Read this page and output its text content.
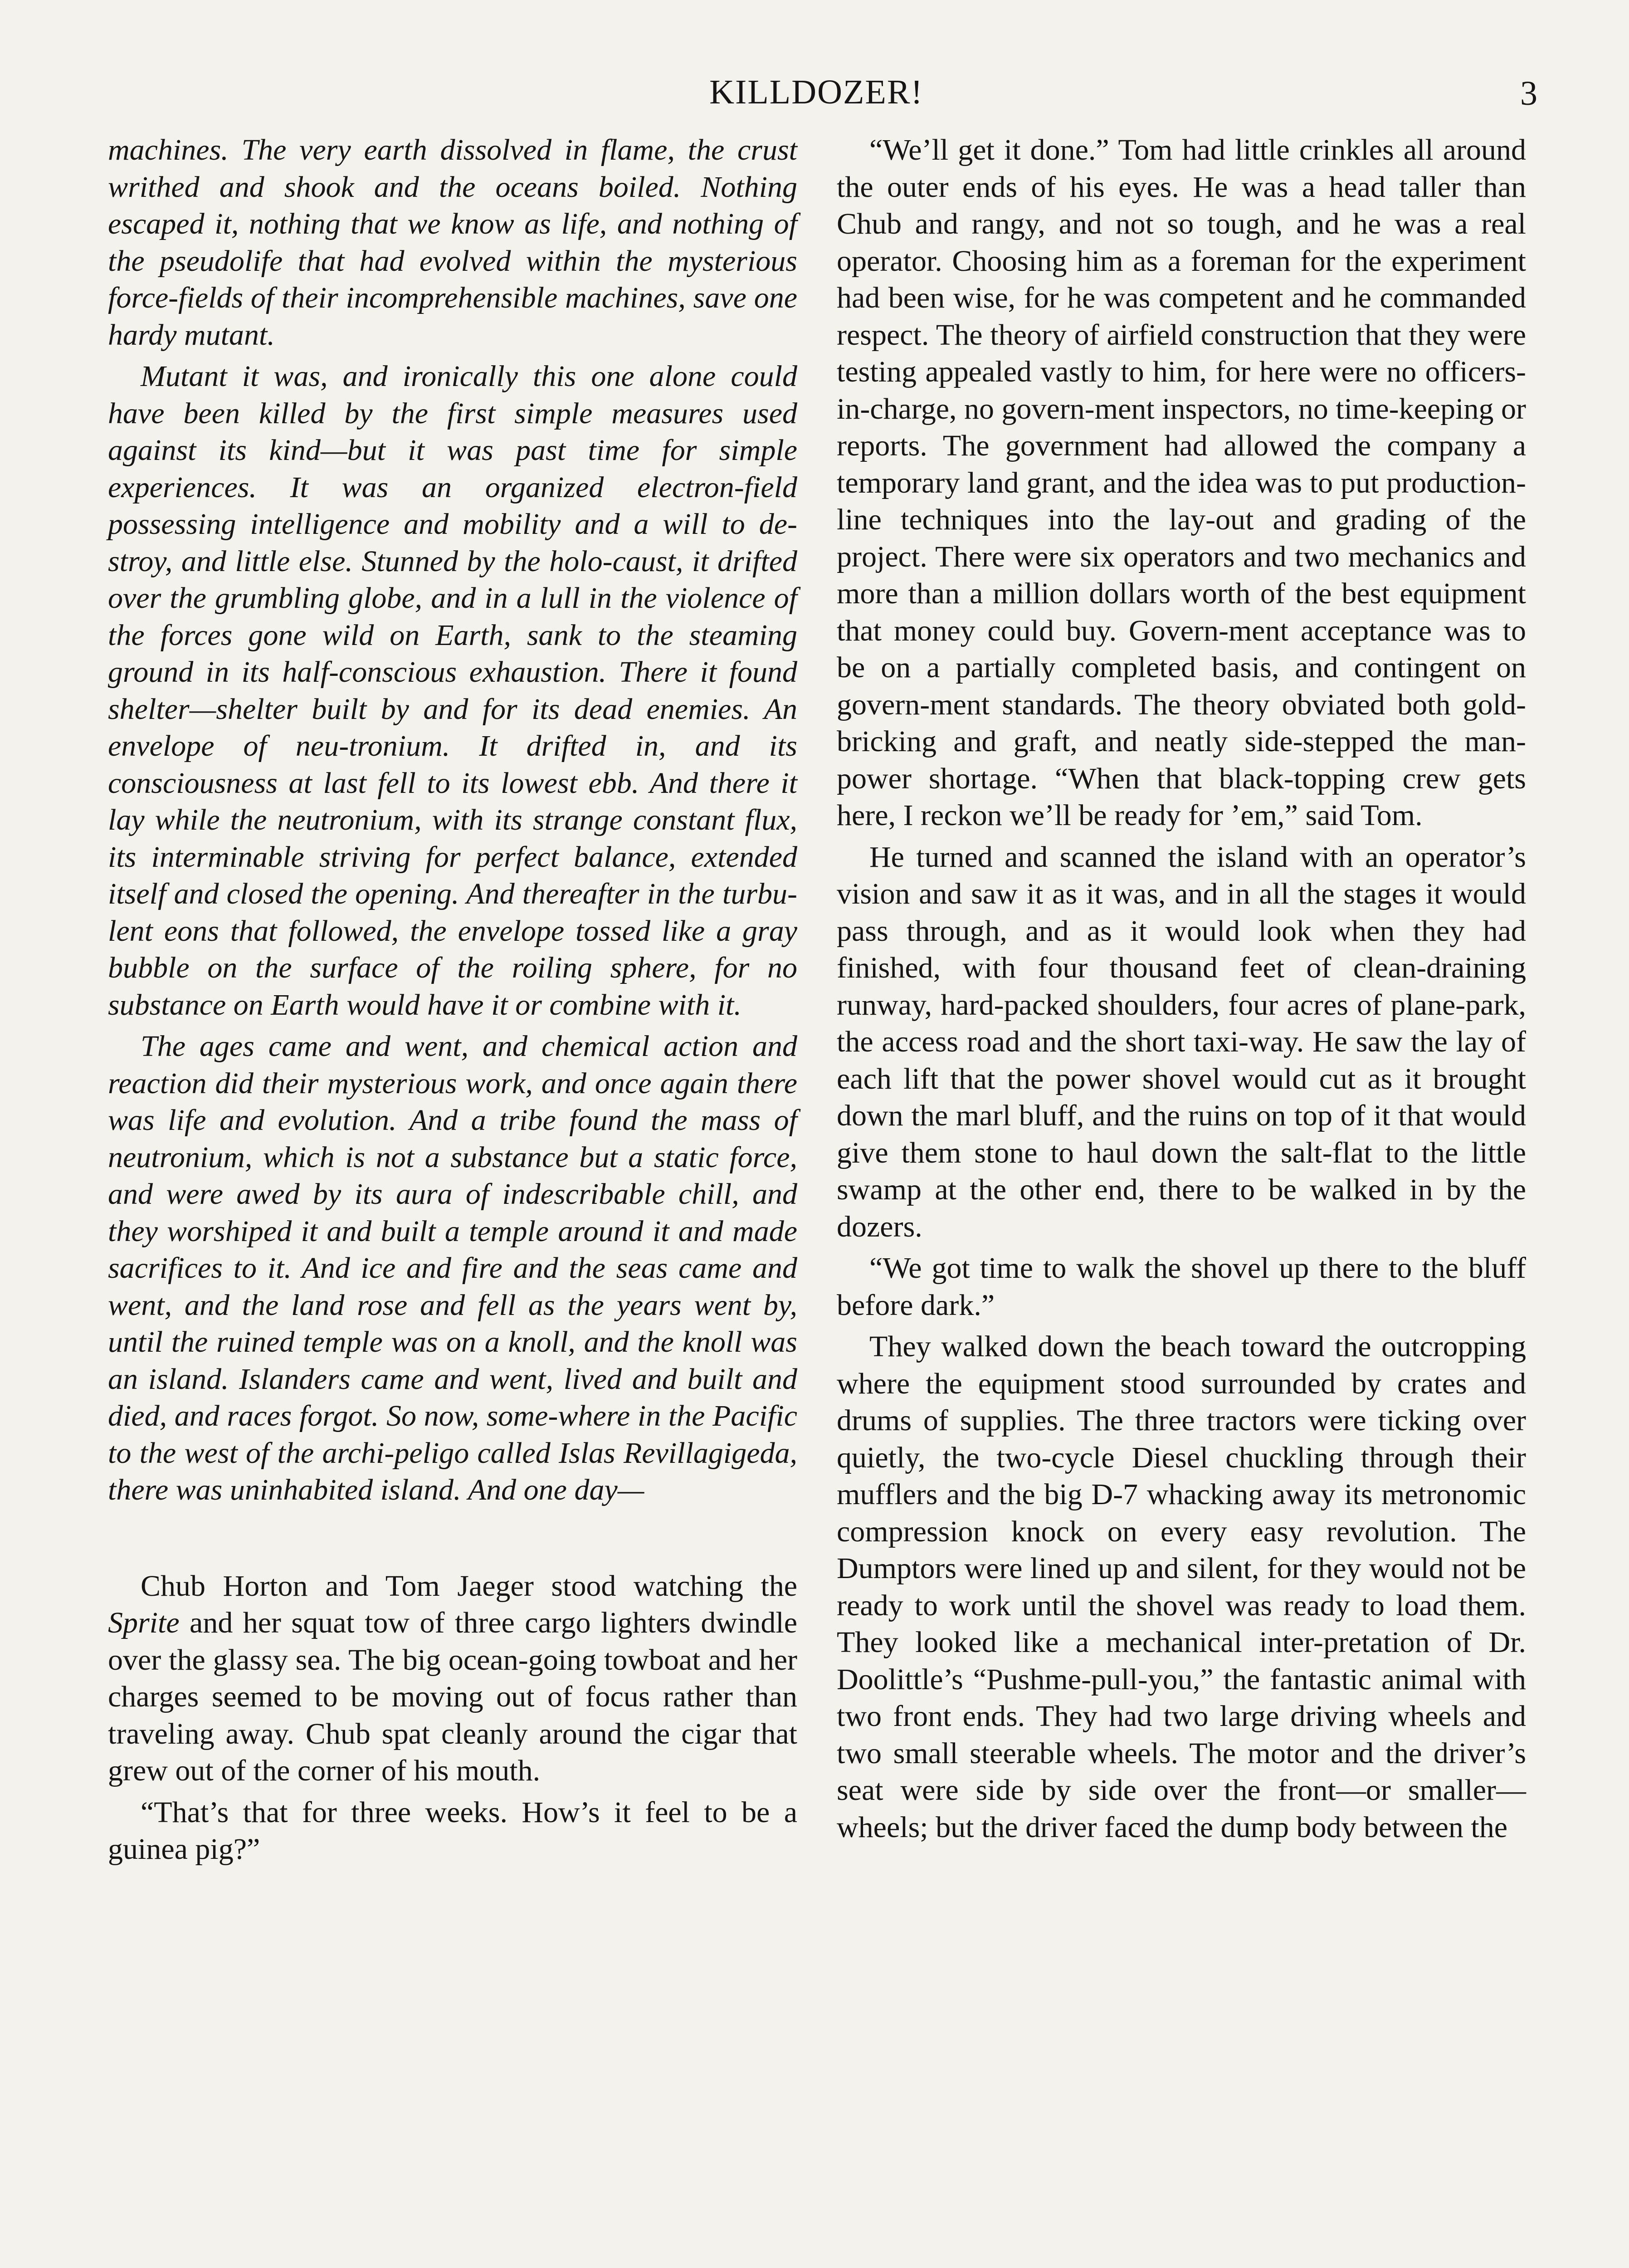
KILLDOZER!	3

machines. The very earth dissolved in flame, the crust writhed and shook and the oceans boiled. Nothing escaped it, nothing that we know as life, and nothing of the pseudolife that had evolved within the mysterious force-fields of their incomprehensible machines, save one hardy mutant.

Mutant it was, and ironically this one alone could have been killed by the first simple measures used against its kind—but it was past time for simple experiences. It was an organized electron-field possessing intelligence and mobility and a will to de-stroy, and little else. Stunned by the holo-caust, it drifted over the grumbling globe, and in a lull in the violence of the forces gone wild on Earth, sank to the steaming ground in its half-conscious exhaustion. There it found shelter—shelter built by and for its dead enemies. An envelope of neu-tronium. It drifted in, and its consciousness at last fell to its lowest ebb. And there it lay while the neutronium, with its strange constant flux, its interminable striving for perfect balance, extended itself and closed the opening. And thereafter in the turbu-lent eons that followed, the envelope tossed like a gray bubble on the surface of the roiling sphere, for no substance on Earth would have it or combine with it.

The ages came and went, and chemical action and reaction did their mysterious work, and once again there was life and evolution. And a tribe found the mass of neutronium, which is not a substance but a static force, and were awed by its aura of indescribable chill, and they worshiped it and built a temple around it and made sacrifices to it. And ice and fire and the seas came and went, and the land rose and fell as the years went by, until the ruined temple was on a knoll, and the knoll was an island. Islanders came and went, lived and built and died, and races forgot. So now, some-where in the Pacific to the west of the archi-peligo called Islas Revillagigeda, there was uninhabited island. And one day—

Chub Horton and Tom Jaeger stood watching the Sprite and her squat tow of three cargo lighters dwindle over the glassy sea. The big ocean-going towboat and her charges seemed to be moving out of focus rather than traveling away. Chub spat cleanly around the cigar that grew out of the corner of his mouth.

“That’s that for three weeks. How’s it feel to be a guinea pig?”

“We’ll get it done.” Tom had little crinkles all around the outer ends of his eyes. He was a head taller than Chub and rangy, and not so tough, and he was a real operator. Choosing him as a foreman for the experiment had been wise, for he was competent and he commanded respect. The theory of airfield construction that they were testing appealed vastly to him, for here were no officers-in-charge, no govern-ment inspectors, no time-keeping or reports. The government had allowed the company a temporary land grant, and the idea was to put production-line techniques into the lay-out and grading of the project. There were six operators and two mechanics and more than a million dollars worth of the best equipment that money could buy. Govern-ment acceptance was to be on a partially completed basis, and contingent on govern-ment standards. The theory obviated both gold-bricking and graft, and neatly side-stepped the man-power shortage. “When that black-topping crew gets here, I reckon we’ll be ready for ’em,” said Tom.

He turned and scanned the island with an operator’s vision and saw it as it was, and in all the stages it would pass through, and as it would look when they had finished, with four thousand feet of clean-draining runway, hard-packed shoulders, four acres of plane-park, the access road and the short taxi-way. He saw the lay of each lift that the power shovel would cut as it brought down the marl bluff, and the ruins on top of it that would give them stone to haul down the salt-flat to the little swamp at the other end, there to be walked in by the dozers.

“We got time to walk the shovel up there to the bluff before dark.”

They walked down the beach toward the outcropping where the equipment stood surrounded by crates and drums of supplies. The three tractors were ticking over quietly, the two-cycle Diesel chuckling through their mufflers and the big D-7 whacking away its metronomic compression knock on every easy revolution. The Dumptors were lined up and silent, for they would not be ready to work until the shovel was ready to load them. They looked like a mechanical inter-pretation of Dr. Doolittle’s “Pushme-pull-you,” the fantastic animal with two front ends. They had two large driving wheels and two small steerable wheels. The motor and the driver’s seat were side by side over the front—or smaller—wheels; but the driver faced the dump body between the
